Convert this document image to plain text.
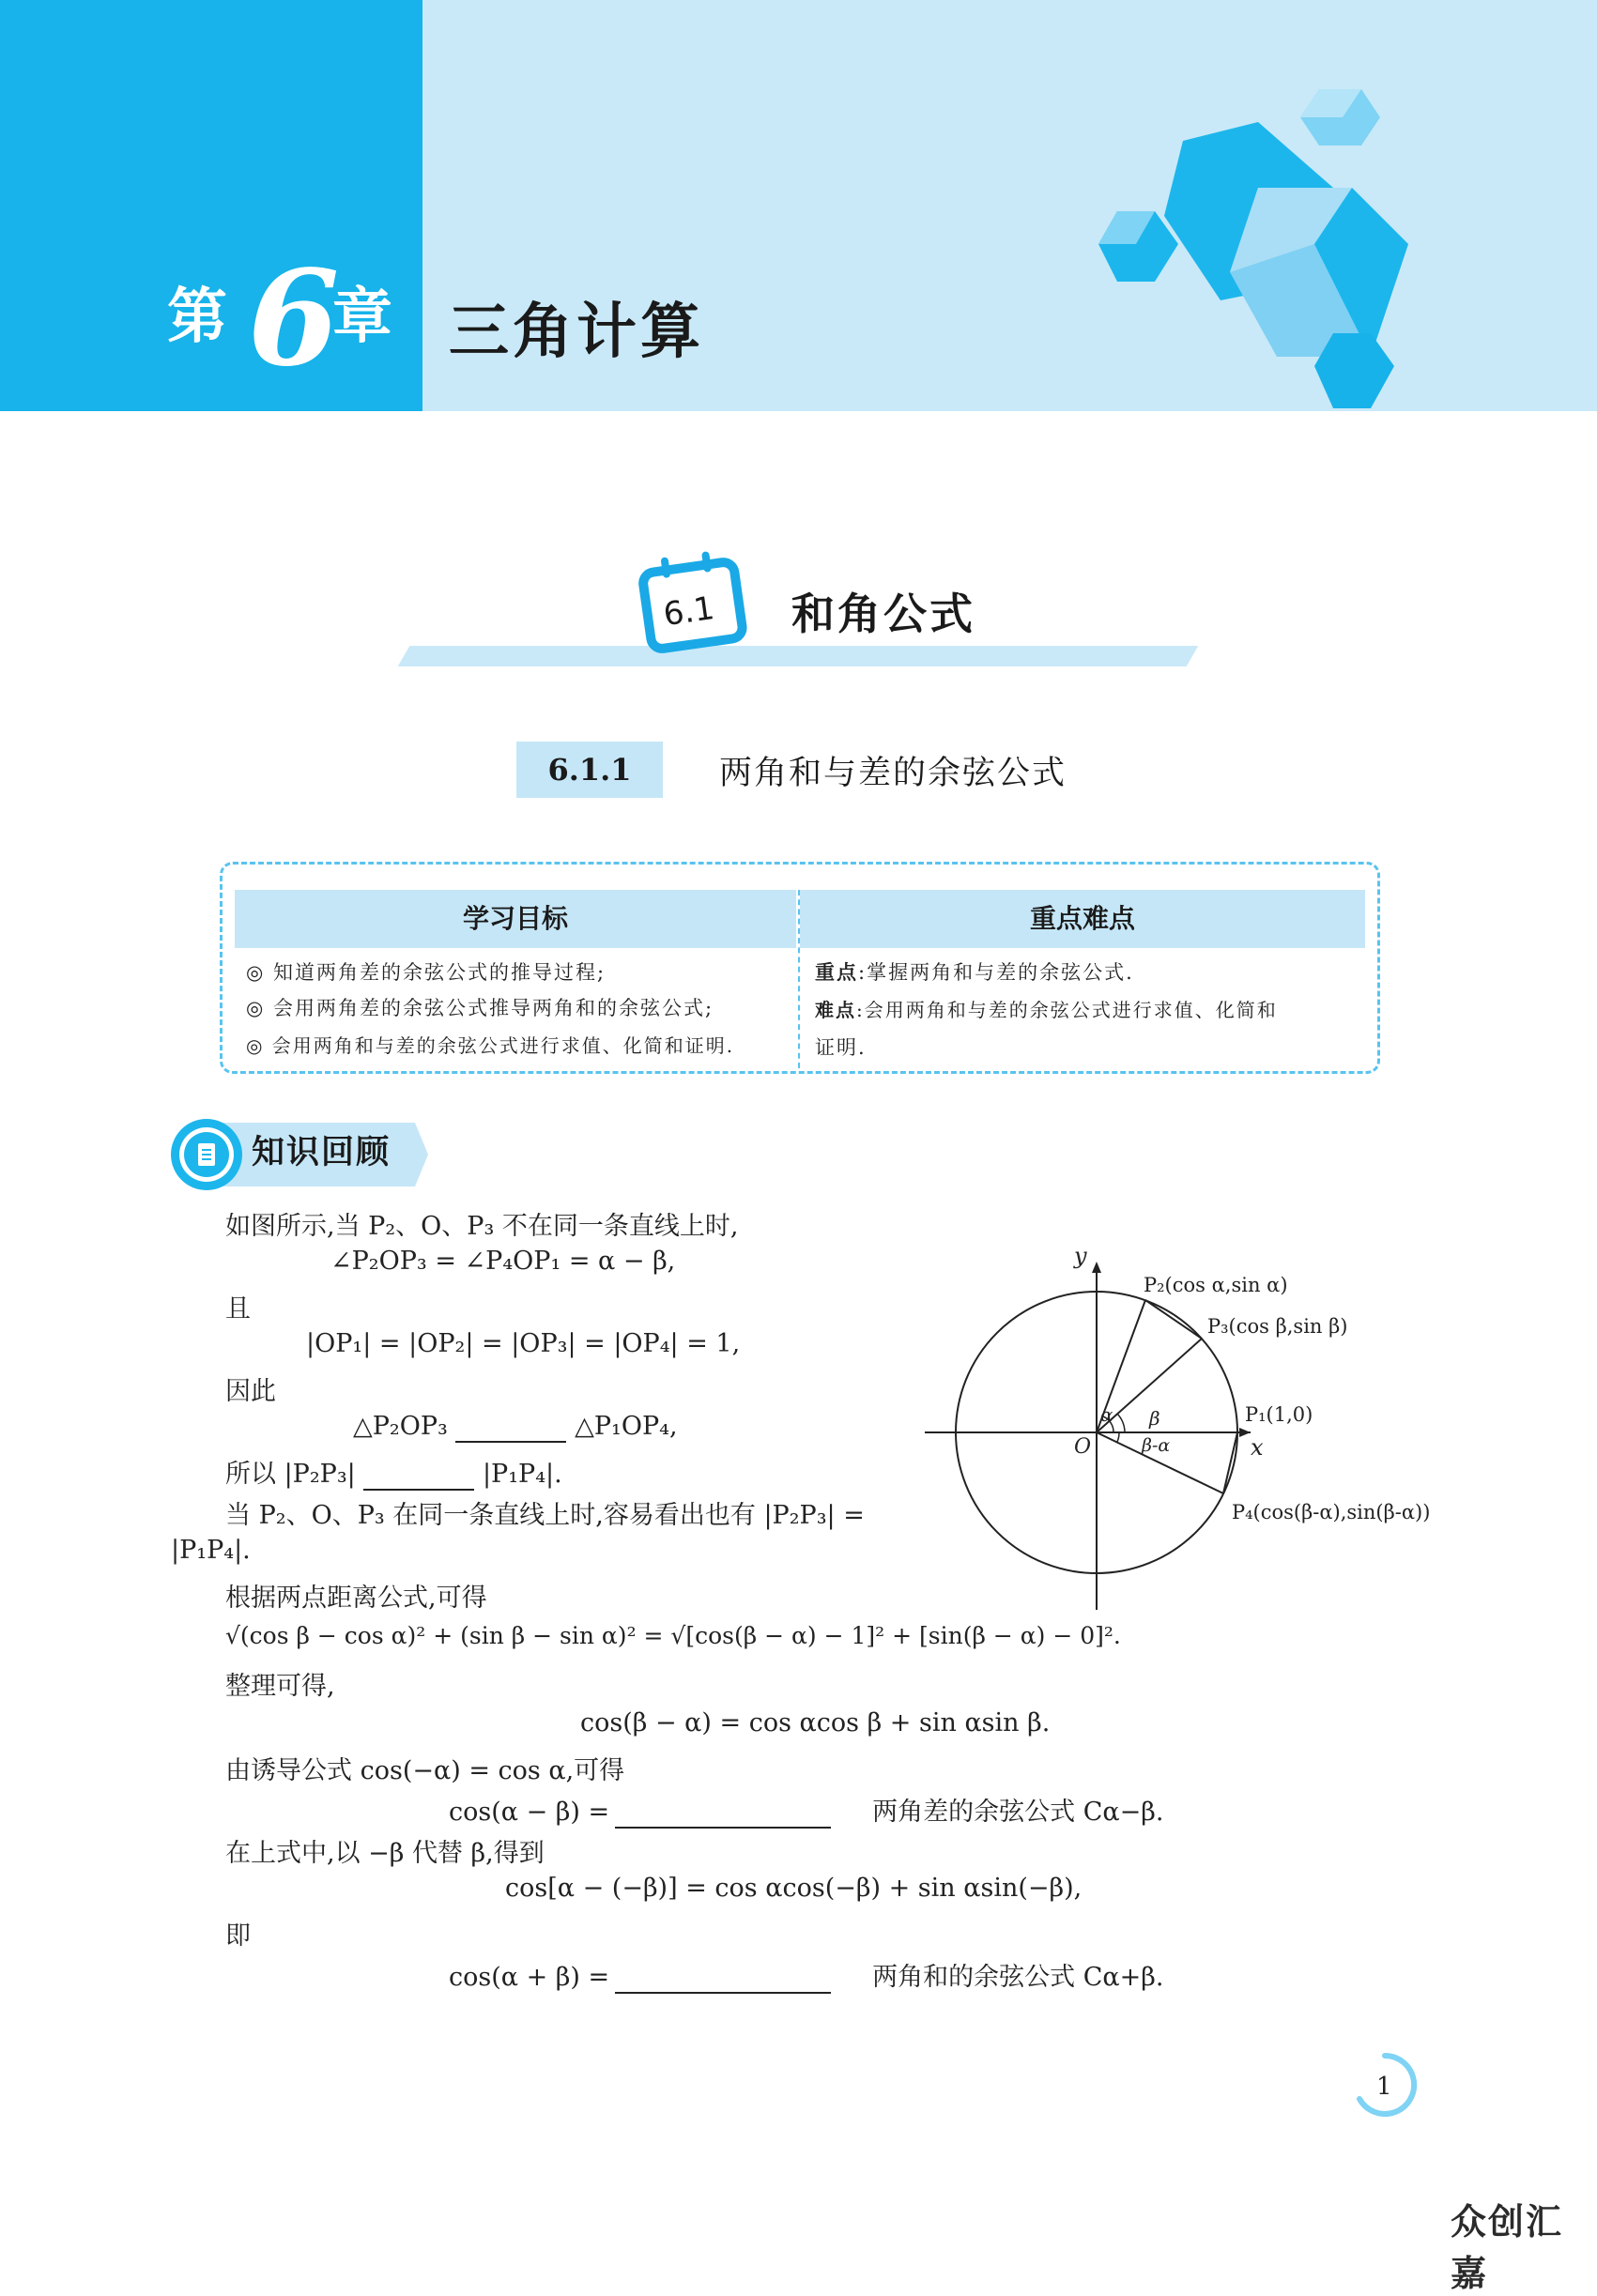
第 6
章 三角计算
6.1 和角公式
6.1.1	两角和与差的余弦公式
学习目标	重点难点
◎ 知道两角差的余弦公式的推导过程;
◎ 会用两角差的余弦公式推导两角和的余弦公式;
◎ 会用两角和与差的余弦公式进行求值、化简和证明.
重点:掌握两角和与差的余弦公式.
难点:会用两角和与差的余弦公式进行求值、化简和
证明.
知识回顾
如图所示,当 P₂、O、P₃ 不在同一条直线上时,
∠P₂OP₃ = ∠P₄OP₁ = α − β,
且
|OP₁| = |OP₂| = |OP₃| = |OP₄| = 1,
因此
△P₂OP₃	△P₁OP₄,
所以 |P₂P₃|	|P₁P₄|.
当 P₂、O、P₃ 在同一条直线上时,容易看出也有 |P₂P₃| =
|P₁P₄|.
根据两点距离公式,可得
√(cos β − cos α)² + (sin β − sin α)² = √[cos(β − α) − 1]² + [sin(β − α) − 0]².
整理可得,
cos(β − α) = cos αcos β + sin αsin β.
由诱导公式 cos(−α) = cos α,可得
cos(α − β) =	两角差的余弦公式 Cα−β.
在上式中,以 −β 代替 β,得到
cos[α − (−β)] = cos αcos(−β) + sin αsin(−β),
即
cos(α + β) =	两角和的余弦公式 Cα+β.
y
x
O
P₂(cos α,sin α)
P₃(cos β,sin β)
P₁(1,0)
P₄(cos(β-α),sin(β-α))
α β
β-α
1
众创汇嘉
